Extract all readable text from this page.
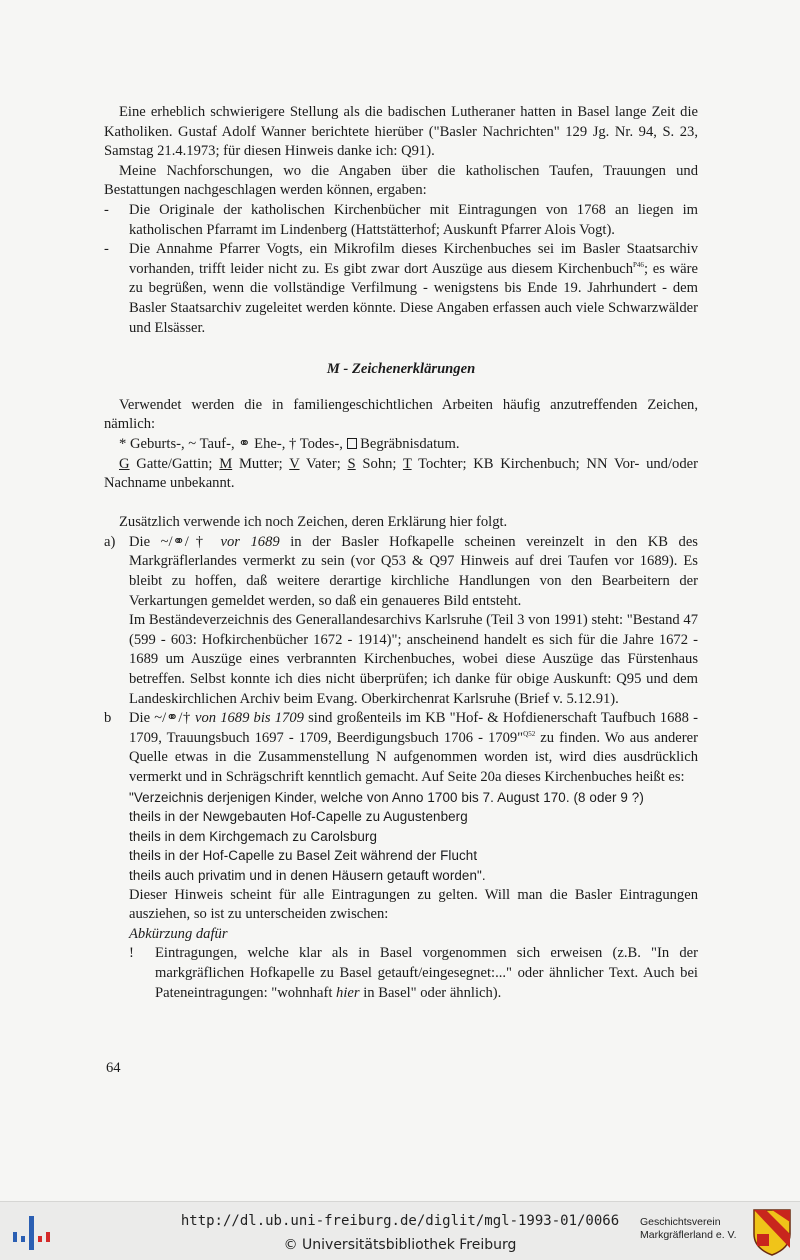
Eine erheblich schwierigere Stellung als die badischen Lutheraner hatten in Basel lange Zeit die Katholiken. Gustaf Adolf Wanner berichtete hierüber ("Basler Nachrichten" 129 Jg. Nr. 94, S. 23, Samstag 21.4.1973; für diesen Hinweis danke ich: Q91).

Meine Nachforschungen, wo die Angaben über die katholischen Taufen, Trauungen und Bestattungen nachgeschlagen werden können, ergaben:

- Die Originale der katholischen Kirchenbücher mit Eintragungen von 1768 an liegen im katholischen Pfarramt im Lindenberg (Hattstätterhof; Auskunft Pfarrer Alois Vogt).
- Die Annahme Pfarrer Vogts, ein Mikrofilm dieses Kirchenbuches sei im Basler Staatsarchiv vorhanden, trifft leider nicht zu. Es gibt zwar dort Auszüge aus diesem Kirchenbuch$^{P46}$; es wäre zu begrüßen, wenn die vollständige Verfilmung - wenigstens bis Ende 19. Jahrhundert - dem Basler Staatsarchiv zugeleitet werden könnte. Diese Angaben erfassen auch viele Schwarzwälder und Elsässer.

M - Zeichenerklärungen

Verwendet werden die in familiengeschichtlichen Arbeiten häufig anzutreffenden Zeichen, nämlich:

* Geburts-, ~ Tauf-, ⚭ Ehe-, † Todes-,  Begräbnisdatum.

G Gatte/Gattin; M Mutter; V Vater; S Sohn; T Tochter; KB Kirchenbuch; NN Vor- und/oder Nachname unbekannt.

Zusätzlich verwende ich noch Zeichen, deren Erklärung hier folgt.

a) Die ~/⚭/† vor 1689 in der Basler Hofkapelle scheinen vereinzelt in den KB des Markgräflerlandes vermerkt zu sein (vor Q53 & Q97 Hinweis auf drei Taufen vor 1689). Es bleibt zu hoffen, daß weitere derartige kirchliche Handlungen von den Bearbeitern der Verkartungen gemeldet werden, so daß ein genaueres Bild entsteht.

Im Beständeverzeichnis des Generallandesarchivs Karlsruhe (Teil 3 von 1991) steht: "Bestand 47 (599 - 603: Hofkirchenbücher 1672 - 1914)"; anscheinend handelt es sich für die Jahre 1672 - 1689 um Auszüge eines verbrannten Kirchenbuches, wobei diese Auszüge das Fürstenhaus betreffen. Selbst konnte ich dies nicht überprüfen; ich danke für obige Auskunft: Q95 und dem Landeskirchlichen Archiv beim Evang. Oberkirchenrat Karlsruhe (Brief v. 5.12.91).

b Die ~/⚭/† von 1689 bis 1709 sind großenteils im KB "Hof- & Hofdienerschaft Taufbuch 1688 - 1709, Trauungsbuch 1697 - 1709, Beerdigungsbuch 1706 - 1709"$^{Q52}$ zu finden. Wo aus anderer Quelle etwas in die Zusammenstellung N aufgenommen worden ist, wird dies ausdrücklich vermerkt und in Schrägschrift kenntlich gemacht. Auf Seite 20a dieses Kirchenbuches heißt es:

"Verzeichnis derjenigen Kinder, welche von Anno 1700 bis 7. August 170. (8 oder 9 ?)

theils in der Newgebauten Hof-Capelle zu Augustenberg

theils in dem Kirchgemach zu Carolsburg

theils in der Hof-Capelle zu Basel Zeit während der Flucht

theils auch privatim und in denen Häusern getauft worden".

Dieser Hinweis scheint für alle Eintragungen zu gelten. Will man die Basler Eintragungen ausziehen, so ist zu unterscheiden zwischen:

Abkürzung dafür

! Eintragungen, welche klar als in Basel vorgenommen sich erweisen (z.B. "In der markgräflichen Hofkapelle zu Basel getauft/eingesegnet:..." oder ähnlicher Text. Auch bei Pateneintragungen: "wohnhaft hier in Basel" oder ähnlich).
64
http://dl.ub.uni-freiburg.de/diglit/mgl-1993-01/0066
© Universitätsbibliothek Freiburg
Geschichtsverein
Markgräflerland e. V.
